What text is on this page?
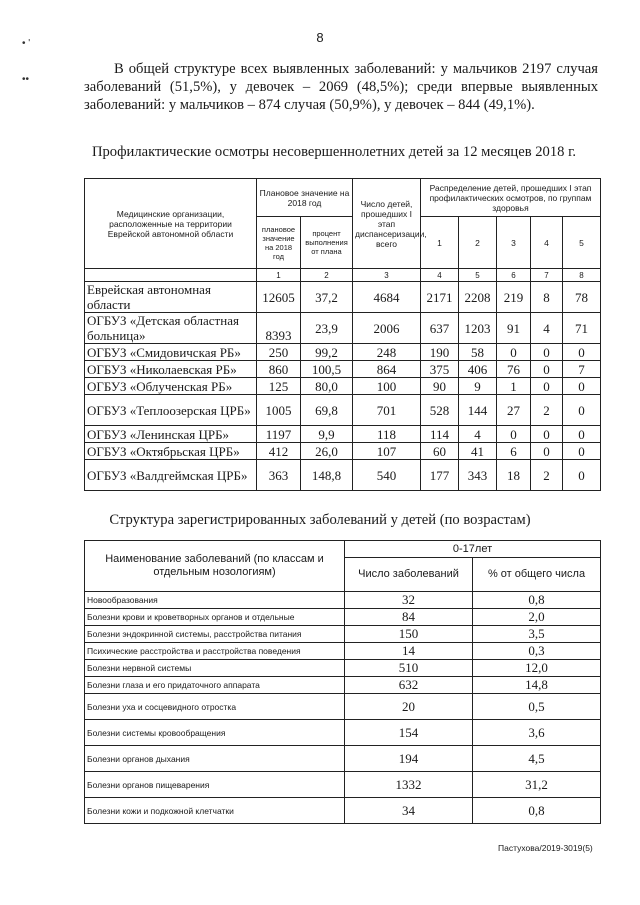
8
• '
••

В общей структуре всех выявленных заболеваний: у мальчиков 2197 случая заболеваний (51,5%), у девочек – 2069 (48,5%); среди впервые выявленных заболеваний: у мальчиков – 874 случая (50,9%), у девочек – 844 (49,1%).

Профилактические осмотры несовершеннолетних детей за 12 месяцев 2018 г.
Медицинские организации, расположенные на территории Еврейской автономной области	Плановое значение на 2018 год		Число детей, прошедших I этап диспансеризации, всего	Распределение детей, прошедших I этап профилактических осмотров, по группам здоровья				
	плановое значение на 2018 год	процент выполнения от плана		1	2	3	4	5
	1	2	3	4	5	6	7	8
Еврейская автономная области	12605	37,2	4684	2171	2208	219	8	78
ОГБУЗ «Детская областная больница»	8393	23,9	2006	637	1203	91	4	71
ОГБУЗ «Смидовичская РБ»	250	99,2	248	190	58	0	0	0
ОГБУЗ «Николаевская РБ»	860	100,5	864	375	406	76	0	7
ОГБУЗ «Облученская РБ»	125	80,0	100	90	9	1	0	0
ОГБУЗ «Теплоозерская ЦРБ»	1005	69,8	701	528	144	27	2	0
ОГБУЗ «Ленинская ЦРБ»	1197	9,9	118	114	4	0	0	0
ОГБУЗ «Октябрьская ЦРБ»	412	26,0	107	60	41	6	0	0
ОГБУЗ «Валдгеймская ЦРБ»	363	148,8	540	177	343	18	2	0
Структура зарегистрированных заболеваний у детей (по возрастам)
Наименование заболеваний (по классам и отдельным нозологиям)	0-17лет	
	Число заболеваний	% от общего числа
Новообразования	32	0,8
Болезни крови и кроветворных органов и отдельные	84	2,0
Болезни эндокринной системы, расстройства питания	150	3,5
Психические расстройства и расстройства поведения	14	0,3
Болезни нервной системы	510	12,0
Болезни глаза и его придаточного аппарата	632	14,8
Болезни уха и сосцевидного отростка	20	0,5
Болезни системы кровообращения	154	3,6
Болезни органов дыхания	194	4,5
Болезни органов пищеварения	1332	31,2
Болезни кожи и подкожной клетчатки	34	0,8
Пастухова/2019-3019(5)
